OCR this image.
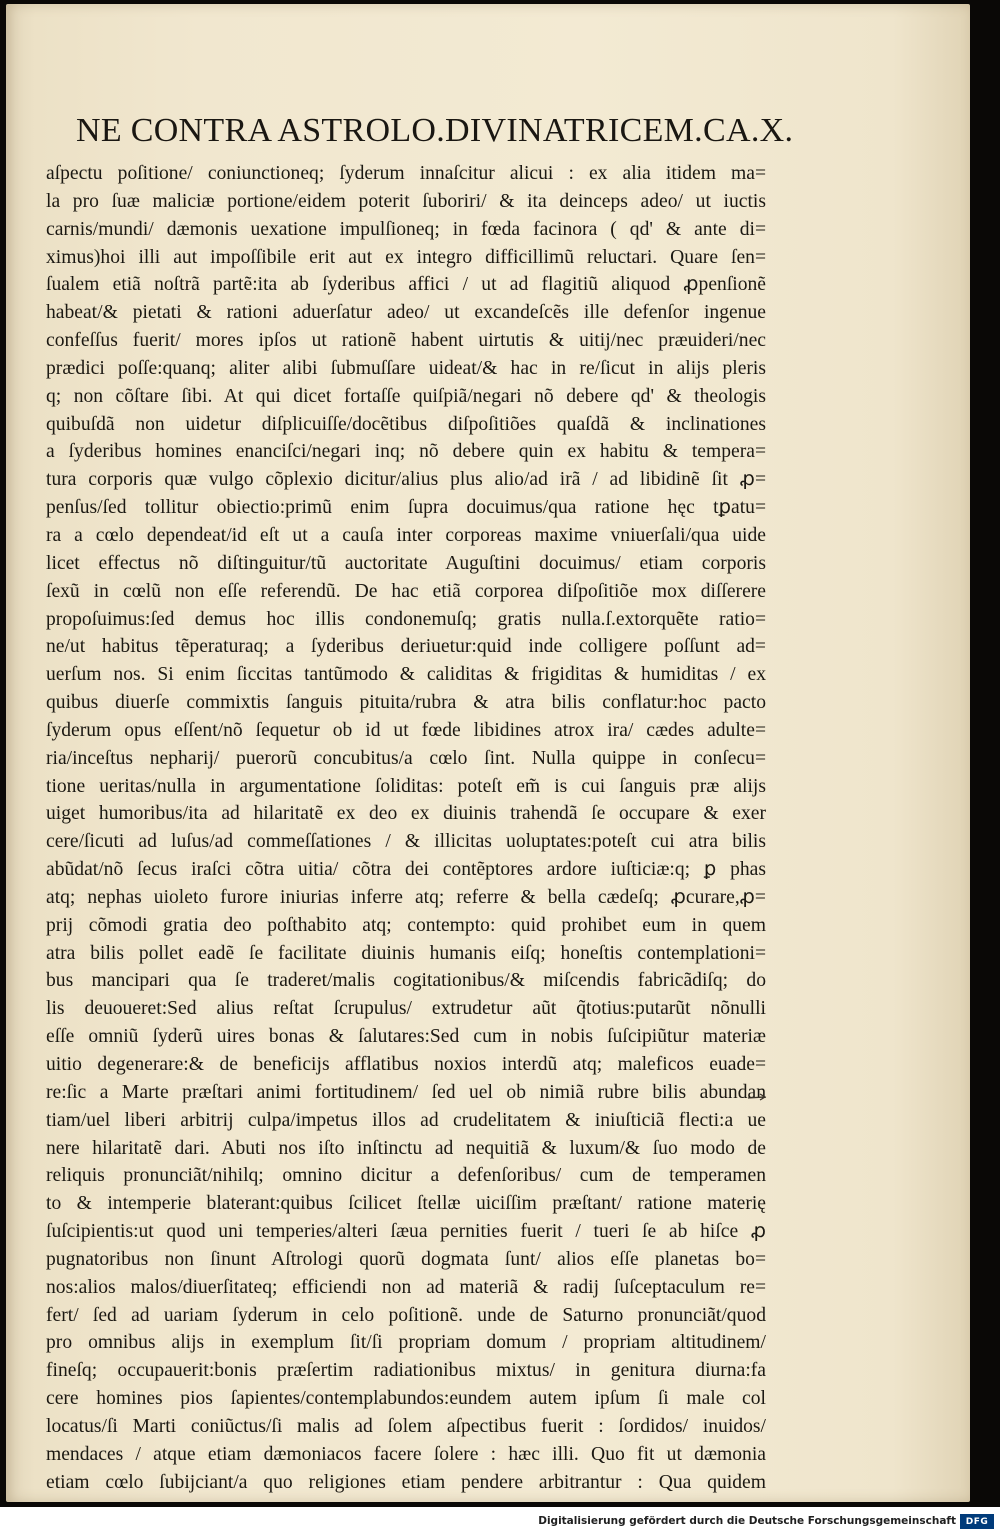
NE CONTRA ASTROLO.DIVINATRICEM. CA.X.
aſpectu poſitione/ coniunctioneq; ſyderum innaſcitur alicui : ex alia itidem ma=
la pro ſuæ maliciæ portione/eidem poterit ſuboriri/ & ita deinceps adeo/ ut iuctis
carnis/mundi/ dæmonis uexatione impulſioneq; in fœda facinora ( qd' & ante di=
ximus)hoi illi aut impoſſibile erit aut ex integro difficillimũ reluctari. Quare ſen=
ſualem etiã noſtrã partẽ:ita ab ſyderibus affici / ut ad flagitiũ aliquod ꝓpenſionẽ
habeat/& pietati & rationi aduerſatur adeo/ ut excandeſcẽs ille defenſor ingenue
confeſſus fuerit/ mores ipſos ut rationẽ habent uirtutis & uitij/nec præuideri/nec
prædici poſſe:quanq; aliter alibi ſubmuſſare uideat/& hac in re/ſicut in alijs pleris
q; non cõſtare ſibi. At qui dicet fortaſſe quiſpiã/negari nõ debere qd' & theologis
quibuſdã non uidetur diſplicuiſſe/docẽtibus diſpoſitiões quaſdã & inclinationes
a ſyderibus homines enanciſci/negari inq; nõ debere quin ex habitu & tempera=
tura corporis quæ vulgo cõplexio dicitur/alius plus alio/ad irã / ad libidinẽ ſit ꝓ=
penſus/ſed tollitur obiectio:primũ enim ſupra docuimus/qua ratione hęc tꝑatu=
ra a cœlo dependeat/id eſt ut a cauſa inter corporeas maxime vniuerſali/qua uide
licet effectus nõ diſtinguitur/tũ auctoritate Auguſtini docuimus/ etiam corporis
ſexũ in cœlũ non eſſe referendũ. De hac etiã corporea diſpoſitiõe mox diſſerere
propoſuimus:ſed demus hoc illis condonemuſq; gratis nulla.ſ.extorquẽte ratio=
ne/ut habitus tẽperaturaq; a ſyderibus deriuetur:quid inde colligere poſſunt ad=
uerſum nos. Si enim ſiccitas tantũmodo & caliditas & frigiditas & humiditas / ex
quibus diuerſe commixtis ſanguis pituita/rubra & atra bilis conflatur:hoc pacto
ſyderum opus eſſent/nõ ſequetur ob id ut fœde libidines atrox ira/ cædes adulte=
ria/inceſtus nepharij/ puerorũ concubitus/a cœlo ſint. Nulla quippe in conſecu=
tione ueritas/nulla in argumentatione ſoliditas: poteſt em̃ is cui ſanguis præ alijs
uiget humoribus/ita ad hilaritatẽ ex deo ex diuinis trahendã ſe occupare & exer
cere/ſicuti ad luſus/ad commeſſationes / & illicitas uoluptates:poteſt cui atra bilis
abũdat/nõ ſecus iraſci cõtra uitia/ cõtra dei contẽptores ardore iuſticiæ:q; ꝑ phas
atq; nephas uioleto furore iniurias inferre atq; referre & bella cædeſq; ꝓcurare,ꝓ=
prij cõmodi gratia deo poſthabito atq; contempto: quid prohibet eum in quem
atra bilis pollet eadẽ ſe facilitate diuinis humanis eiſq; honeſtis contemplationi=
bus mancipari qua ſe traderet/malis cogitationibus/& miſcendis fabricãdiſq; do
lis deuoueret:Sed alius reſtat ſcrupulus/ extrudetur aũt q̃totius:putarũt nõnulli
eſſe omniũ ſyderũ uires bonas & ſalutares:Sed cum in nobis ſuſcipiũtur materiæ
uitio degenerare:& de beneficijs afflatibus noxios interdũ atq; maleficos euade=
re:ſic a Marte præſtari animi fortitudinem/ ſed uel ob nimiã rubre bilis abundan
tiam/uel liberi arbitrij culpa/impetus illos ad crudelitatem & iniuſticiã flecti:a ue
nere hilaritatẽ dari. Abuti nos iſto inſtinctu ad nequitiã & luxum/& ſuo modo de
reliquis pronunciãt/nihilq; omnino dicitur a defenſoribus/ cum de temperamen
to & intemperie blaterant:quibus ſcilicet ſtellæ uiciſſim præſtant/ ratione materię
ſuſcipientis:ut quod uni temperies/alteri ſæua pernities fuerit / tueri ſe ab hiſce ꝓ
pugnatoribus non ſinunt Aſtrologi quorũ dogmata ſunt/ alios eſſe planetas bo=
nos:alios malos/diuerſitateq; efficiendi non ad materiã & radij ſuſceptaculum re=
fert/ ſed ad uariam ſyderum in celo poſitionẽ. unde de Saturno pronunciãt/quod
pro omnibus alijs in exemplum ſit/ſi propriam domum / propriam altitudinem/
fineſq; occupauerit:bonis præſertim radiationibus mixtus/ in genitura diurna:fa
cere homines pios ſapientes/contemplabundos:eundem autem ipſum ſi male col
locatus/ſi Marti coniũctus/ſi malis ad ſolem aſpectibus fuerit : ſordidos/ inuidos/
mendaces / atque etiam dæmoniacos facere ſolere : hæc illi. Quo fit ut dæmonia
etiam cœlo ſubijciant/a quo religiones etiam pendere arbitrantur : Qua quidem
Digitalisierung gefördert durch die Deutsche Forschungsgemeinschaft	DFG
